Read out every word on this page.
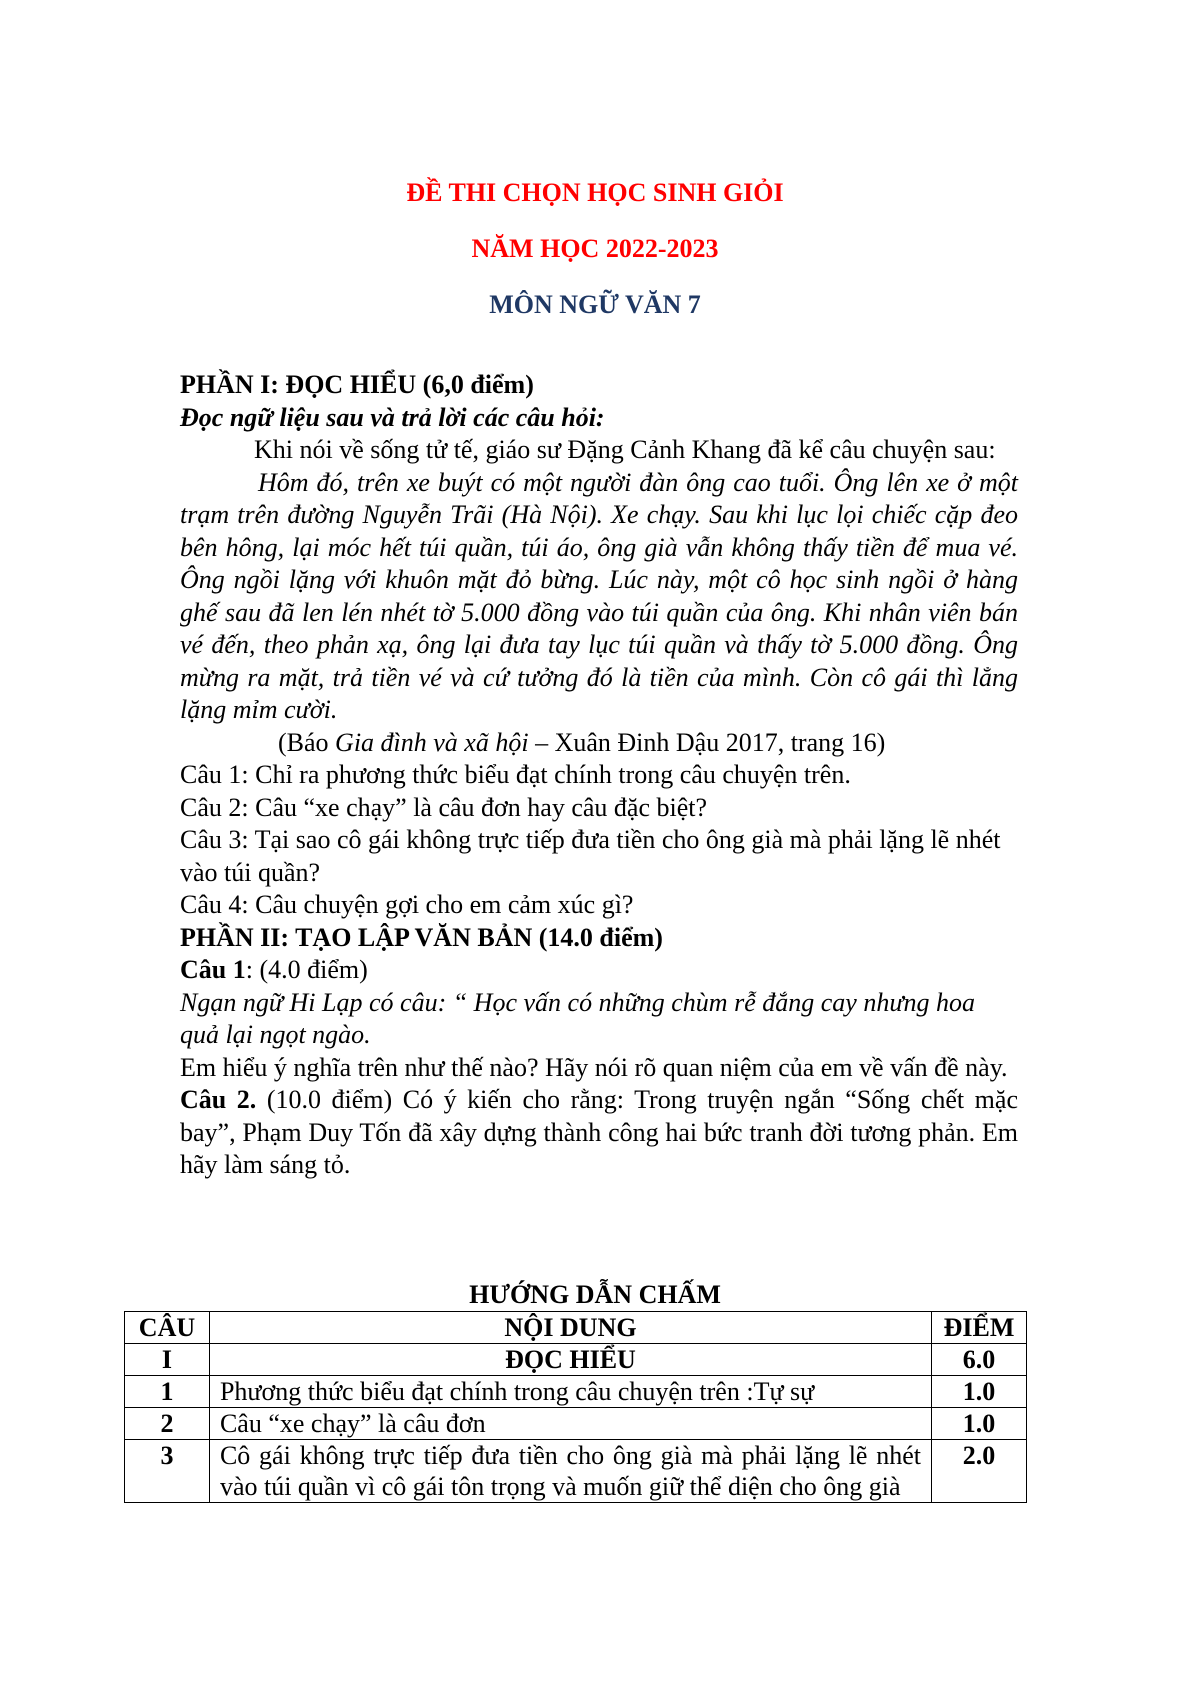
ĐỀ THI CHỌN HỌC SINH GIỎI
NĂM HỌC 2022-2023
MÔN NGỮ VĂN 7

PHẦN I: ĐỌC HIỂU (6,0 điểm)

Đọc ngữ liệu sau và trả lời các câu hỏi:

Khi nói về sống tử tế, giáo sư Đặng Cảnh Khang đã kể câu chuyện sau:

Hôm đó, trên xe buýt có một người đàn ông cao tuổi. Ông lên xe ở một trạm trên đường Nguyễn Trãi (Hà Nội). Xe chạy. Sau khi lục lọi chiếc cặp đeo bên hông, lại móc hết túi quần, túi áo, ông già vẫn không thấy tiền để mua vé. Ông ngồi lặng với khuôn mặt đỏ bừng. Lúc này, một cô học sinh ngồi ở hàng ghế sau đã len lén nhét tờ 5.000 đồng vào túi quần của ông. Khi nhân viên bán vé đến, theo phản xạ, ông lại đưa tay lục túi quần và thấy tờ 5.000 đồng. Ông mừng ra mặt, trả tiền vé và cứ tưởng đó là tiền của mình. Còn cô gái thì lẳng lặng mỉm cười.

(Báo Gia đình và xã hội – Xuân Đinh Dậu 2017, trang 16)

Câu 1: Chỉ ra phương thức biểu đạt chính trong câu chuyện trên.

Câu 2: Câu “xe chạy” là câu đơn hay câu đặc biệt?

Câu 3: Tại sao cô gái không trực tiếp đưa tiền cho ông già mà phải lặng lẽ nhét vào túi quần?

Câu 4: Câu chuyện gợi cho em cảm xúc gì?

PHẦN II: TẠO LẬP VĂN BẢN (14.0 điểm)

Câu 1: (4.0 điểm)

Ngạn ngữ Hi Lạp có câu: “ Học vấn có những chùm rễ đắng cay nhưng hoa quả lại ngọt ngào.

Em hiểu ý nghĩa trên như thế nào? Hãy nói rõ quan niệm của em về vấn đề này.

Câu 2. (10.0 điểm) Có ý kiến cho rằng: Trong truyện ngắn “Sống chết mặc bay”, Phạm Duy Tốn đã xây dựng thành công hai bức tranh đời tương phản. Em hãy làm sáng tỏ.

HƯỚNG DẪN CHẤM
CÂU	NỘI DUNG	ĐIỂM
I	ĐỌC HIỂU	6.0
1	Phương thức biểu đạt chính trong câu chuyện trên :Tự sự	1.0
2	Câu “xe chạy” là câu đơn	1.0
3	Cô gái không trực tiếp đưa tiền cho ông già mà phải lặng lẽ nhét vào túi quần vì cô gái tôn trọng và muốn giữ thể diện cho ông già	2.0
